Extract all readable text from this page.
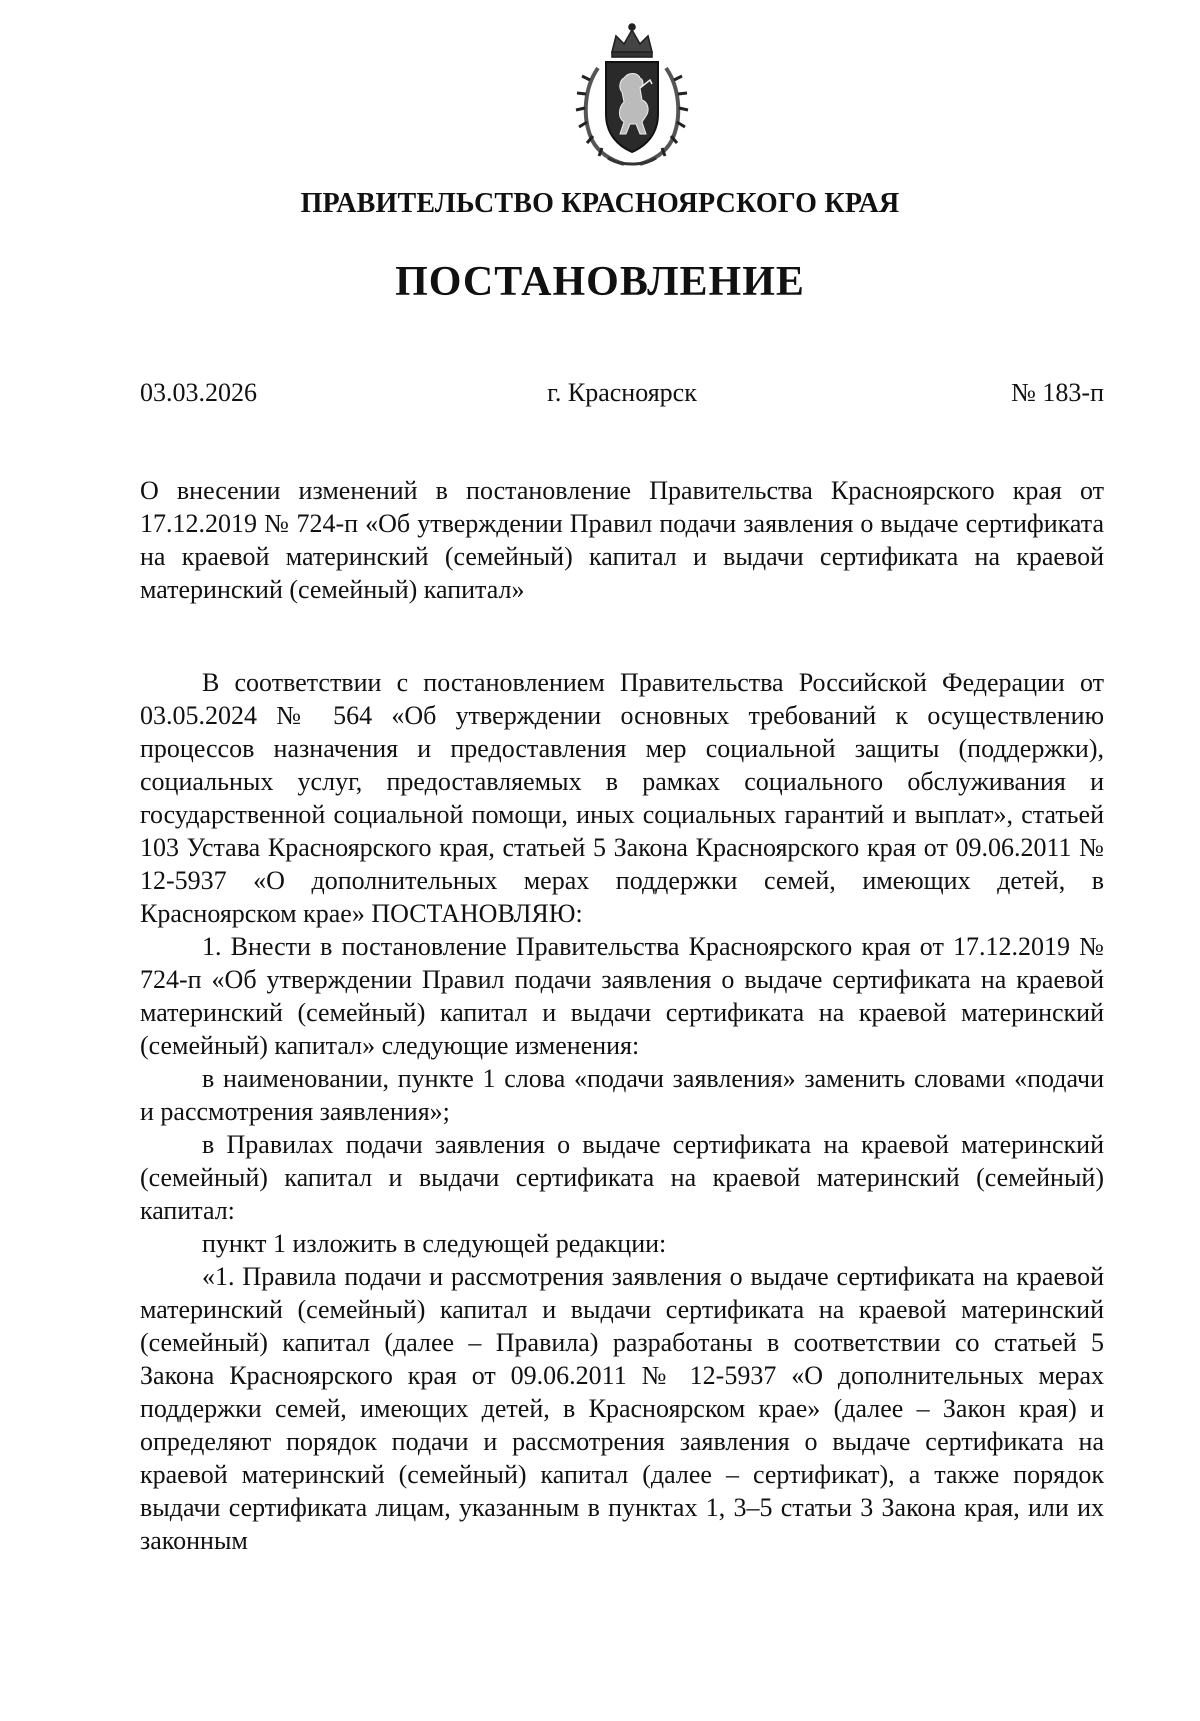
ПРАВИТЕЛЬСТВО КРАСНОЯРСКОГО КРАЯ
ПОСТАНОВЛЕНИЕ
03.03.2026	г. Красноярск	№ 183-п
О внесении изменений в постановление Правительства Красноярского края от 17.12.2019 № 724-п «Об утверждении Правил подачи заявления о выдаче сертификата на краевой материнский (семейный) капитал и выдачи сертификата на краевой материнский (семейный) капитал»

В соответствии с постановлением Правительства Российской Федерации от 03.05.2024 № 564 «Об утверждении основных требований к осуществлению процессов назначения и предоставления мер социальной защиты (поддержки), социальных услуг, предоставляемых в рамках социального обслуживания и государственной социальной помощи, иных социальных гарантий и выплат», статьей 103 Устава Красноярского края, статьей 5 Закона Красноярского края от 09.06.2011 № 12-5937 «О дополнительных мерах поддержки семей, имеющих детей, в Красноярском крае» ПОСТАНОВЛЯЮ:

1. Внести в постановление Правительства Красноярского края от 17.12.2019 № 724-п «Об утверждении Правил подачи заявления о выдаче сертификата на краевой материнский (семейный) капитал и выдачи сертификата на краевой материнский (семейный) капитал» следующие изменения:

в наименовании, пункте 1 слова «подачи заявления» заменить словами «подачи и рассмотрения заявления»;

в Правилах подачи заявления о выдаче сертификата на краевой материнский (семейный) капитал и выдачи сертификата на краевой материнский (семейный) капитал:

пункт 1 изложить в следующей редакции:

«1. Правила подачи и рассмотрения заявления о выдаче сертификата на краевой материнский (семейный) капитал и выдачи сертификата на краевой материнский (семейный) капитал (далее – Правила) разработаны в соответствии со статьей 5 Закона Красноярского края от 09.06.2011 № 12-5937 «О дополнительных мерах поддержки семей, имеющих детей, в Красноярском крае» (далее – Закон края) и определяют порядок подачи и рассмотрения заявления о выдаче сертификата на краевой материнский (семейный) капитал (далее – сертификат), а также порядок выдачи сертификата лицам, указанным в пунктах 1, 3–5 статьи 3 Закона края, или их законным
